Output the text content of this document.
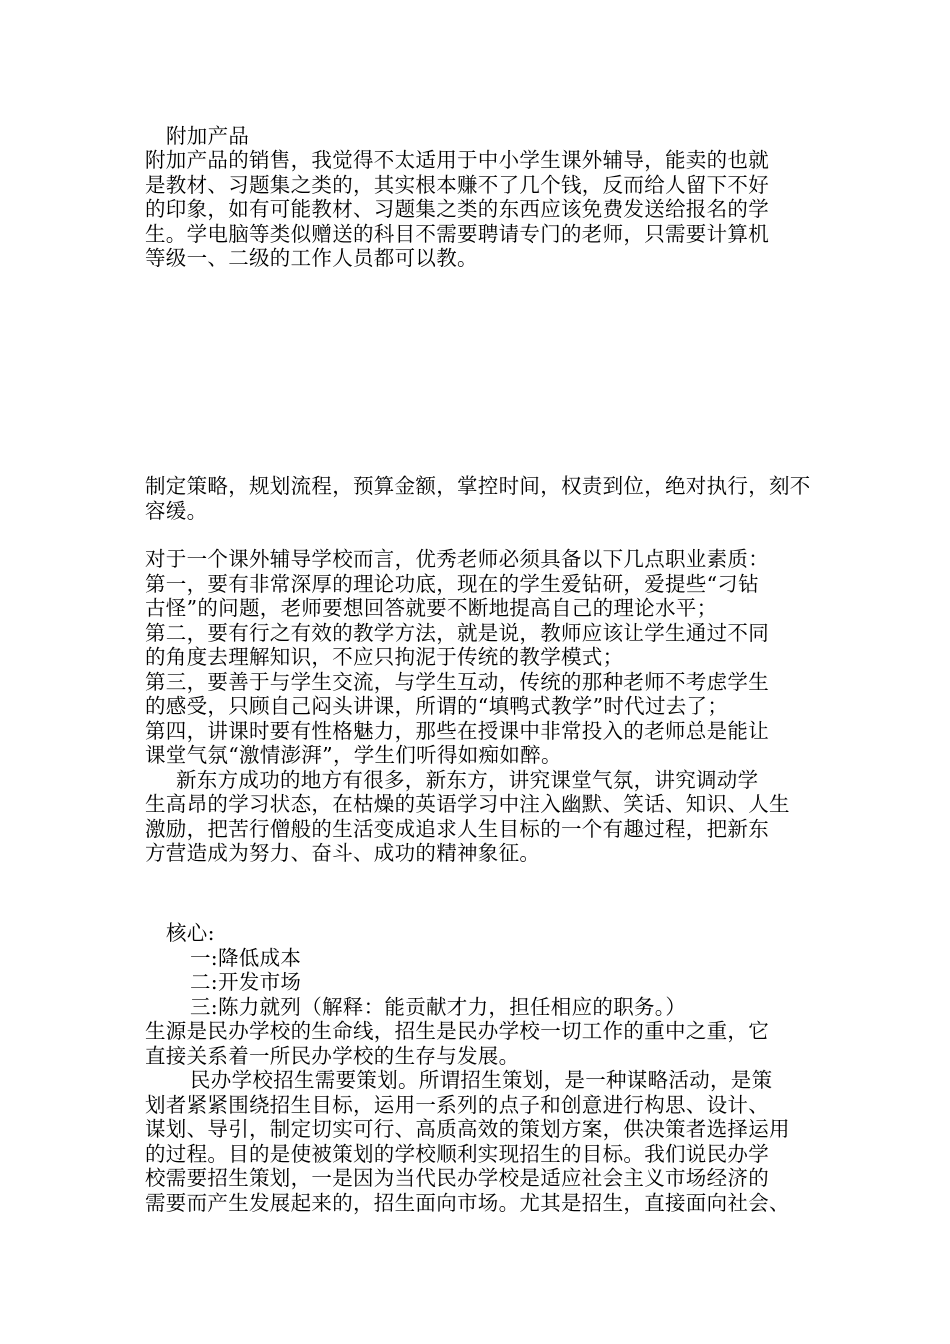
附加产品
附加产品的销售，我觉得不太适用于中小学生课外辅导，能卖的也就
是教材、习题集之类的，其实根本赚不了几个钱，反而给人留下不好
的印象，如有可能教材、习题集之类的东西应该免费发送给报名的学
生。学电脑等类似赠送的科目不需要聘请专门的老师，只需要计算机
等级一、二级的工作人员都可以教。
制定策略，规划流程，预算金额，掌控时间，权责到位，绝对执行，刻不
容缓。
对于一个课外辅导学校而言，优秀老师必须具备以下几点职业素质：
第一，要有非常深厚的理论功底，现在的学生爱钻研，爱提些“刁钻
古怪”的问题，老师要想回答就要不断地提高自己的理论水平；
第二，要有行之有效的教学方法，就是说，教师应该让学生通过不同
的角度去理解知识，不应只拘泥于传统的教学模式；
第三，要善于与学生交流，与学生互动，传统的那种老师不考虑学生
的感受，只顾自己闷头讲课，所谓的“填鸭式教学”时代过去了；
第四，讲课时要有性格魅力，那些在授课中非常投入的老师总是能让
课堂气氛“激情澎湃”，学生们听得如痴如醉。
新东方成功的地方有很多，新东方，讲究课堂气氛，讲究调动学
生高昂的学习状态，在枯燥的英语学习中注入幽默、笑话、知识、人生
激励，把苦行僧般的生活变成追求人生目标的一个有趣过程，把新东
方营造成为努力、奋斗、成功的精神象征。
核心:
一:降低成本
二:开发市场
三:陈力就列（解释：能贡献才力，担任相应的职务。）
生源是民办学校的生命线，招生是民办学校一切工作的重中之重，它
直接关系着一所民办学校的生存与发展。
民办学校招生需要策划。所谓招生策划，是一种谋略活动，是策
划者紧紧围绕招生目标，运用一系列的点子和创意进行构思、设计、
谋划、导引，制定切实可行、高质高效的策划方案，供决策者选择运用
的过程。目的是使被策划的学校顺利实现招生的目标。我们说民办学
校需要招生策划，一是因为当代民办学校是适应社会主义市场经济的
需要而产生发展起来的，招生面向市场。尤其是招生，直接面向社会、
